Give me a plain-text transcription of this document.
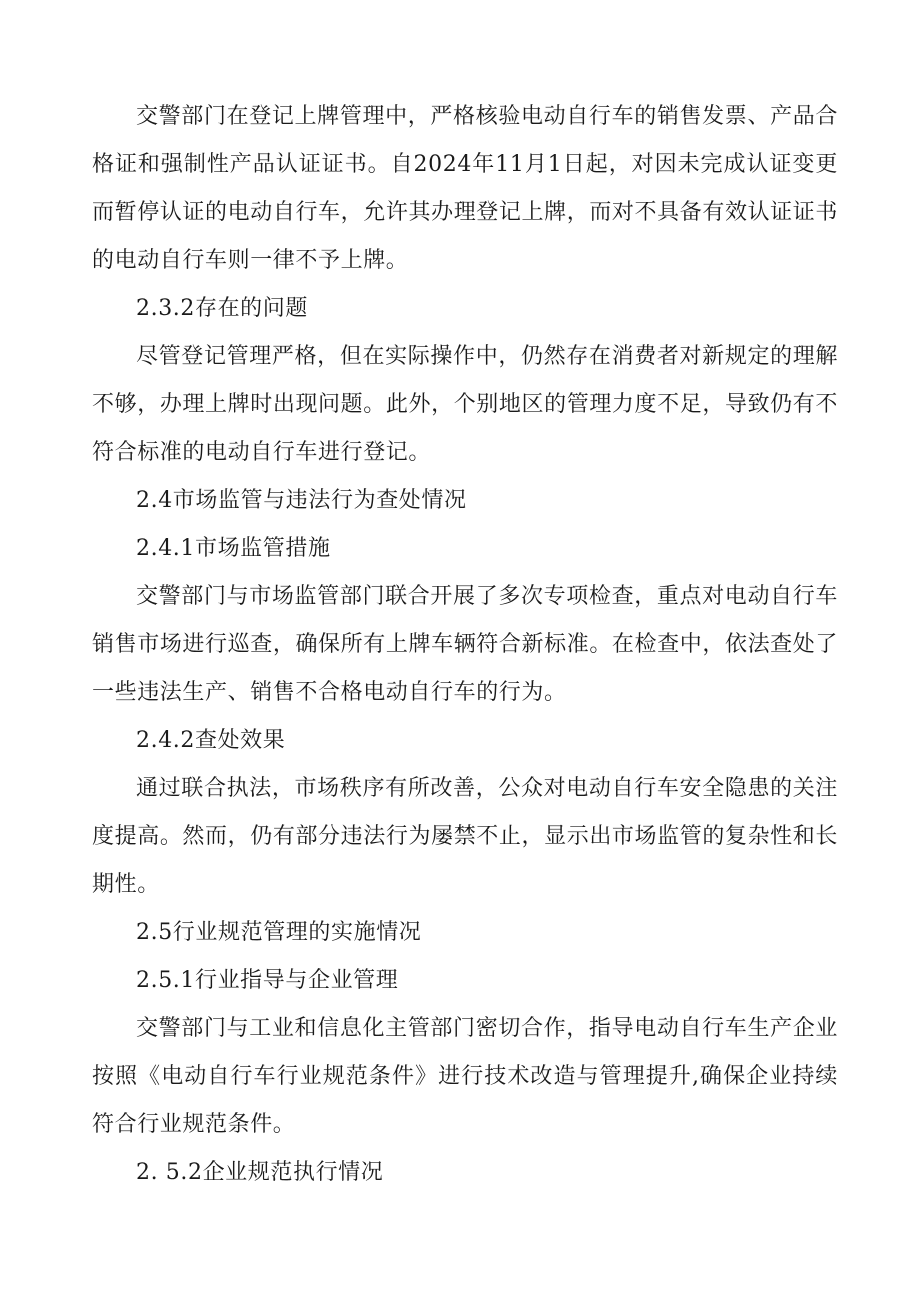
交警部门在登记上牌管理中，严格核验电动自行车的销售发票、产品合格证和强制性产品认证证书。自2024年11月1日起，对因未完成认证变更而暂停认证的电动自行车，允许其办理登记上牌，而对不具备有效认证证书的电动自行车则一律不予上牌。

2.3.2存在的问题

尽管登记管理严格，但在实际操作中，仍然存在消费者对新规定的理解不够，办理上牌时出现问题。此外，个别地区的管理力度不足，导致仍有不符合标准的电动自行车进行登记。

2.4市场监管与违法行为查处情况

2.4.1市场监管措施

交警部门与市场监管部门联合开展了多次专项检查，重点对电动自行车销售市场进行巡查，确保所有上牌车辆符合新标准。在检查中，依法查处了一些违法生产、销售不合格电动自行车的行为。

2.4.2查处效果

通过联合执法，市场秩序有所改善，公众对电动自行车安全隐患的关注度提高。然而，仍有部分违法行为屡禁不止，显示出市场监管的复杂性和长期性。

2.5行业规范管理的实施情况

2.5.1行业指导与企业管理

交警部门与工业和信息化主管部门密切合作，指导电动自行车生产企业按照《电动自行车行业规范条件》进行技术改造与管理提升,确保企业持续符合行业规范条件。

2. 5.2企业规范执行情况
